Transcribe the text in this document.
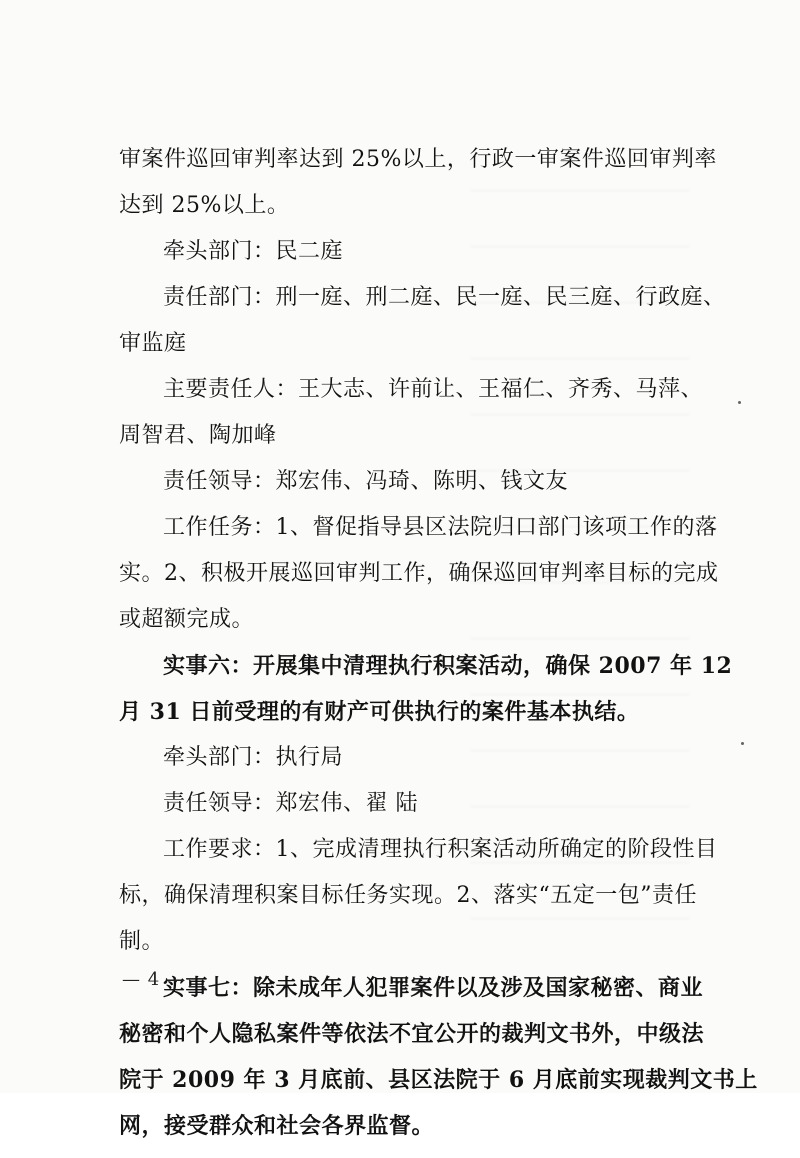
审案件巡回审判率达到 25%以上，行政一审案件巡回审判率
达到 25%以上。
牵头部门：民二庭
责任部门：刑一庭、刑二庭、民一庭、民三庭、行政庭、
审监庭
主要责任人：王大志、许前让、王福仁、齐秀、马萍、
周智君、陶加峰
责任领导：郑宏伟、冯琦、陈明、钱文友
工作任务：1、督促指导县区法院归口部门该项工作的落
实。2、积极开展巡回审判工作，确保巡回审判率目标的完成
或超额完成。
实事六：开展集中清理执行积案活动，确保 2007 年 12
月 31 日前受理的有财产可供执行的案件基本执结。
牵头部门：执行局
责任领导：郑宏伟、翟 陆
工作要求：1、完成清理执行积案活动所确定的阶段性目
标，确保清理积案目标任务实现。2、落实“五定一包”责任
制。
实事七：除未成年人犯罪案件以及涉及国家秘密、商业
秘密和个人隐私案件等依法不宜公开的裁判文书外，中级法
院于 2009 年 3 月底前、县区法院于 6 月底前实现裁判文书上
网，接受群众和社会各界监督。
— 4 —
